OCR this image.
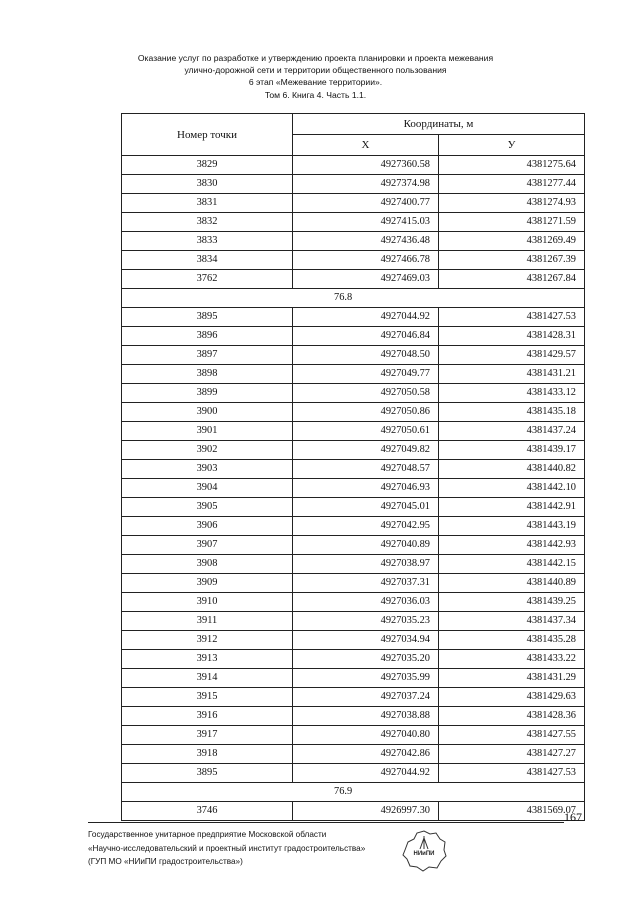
Оказание услуг по разработке и утверждению проекта планировки и проекта межевания
улично-дорожной сети и территории общественного пользования
6 этап «Межевание территории».
Том 6. Книга 4. Часть 1.1.
Номер точки	Координаты, м	
	X	У
3829	4927360.58	4381275.64
3830	4927374.98	4381277.44
3831	4927400.77	4381274.93
3832	4927415.03	4381271.59
3833	4927436.48	4381269.49
3834	4927466.78	4381267.39
3762	4927469.03	4381267.84
76.8		
3895	4927044.92	4381427.53
3896	4927046.84	4381428.31
3897	4927048.50	4381429.57
3898	4927049.77	4381431.21
3899	4927050.58	4381433.12
3900	4927050.86	4381435.18
3901	4927050.61	4381437.24
3902	4927049.82	4381439.17
3903	4927048.57	4381440.82
3904	4927046.93	4381442.10
3905	4927045.01	4381442.91
3906	4927042.95	4381443.19
3907	4927040.89	4381442.93
3908	4927038.97	4381442.15
3909	4927037.31	4381440.89
3910	4927036.03	4381439.25
3911	4927035.23	4381437.34
3912	4927034.94	4381435.28
3913	4927035.20	4381433.22
3914	4927035.99	4381431.29
3915	4927037.24	4381429.63
3916	4927038.88	4381428.36
3917	4927040.80	4381427.55
3918	4927042.86	4381427.27
3895	4927044.92	4381427.53
76.9		
3746	4926997.30	4381569.07
167
Государственное унитарное предприятие Московской области
«Научно-исследовательский и проектный институт градостроительства»
(ГУП МО «НИиПИ градостроительства»)
НИиПИ
